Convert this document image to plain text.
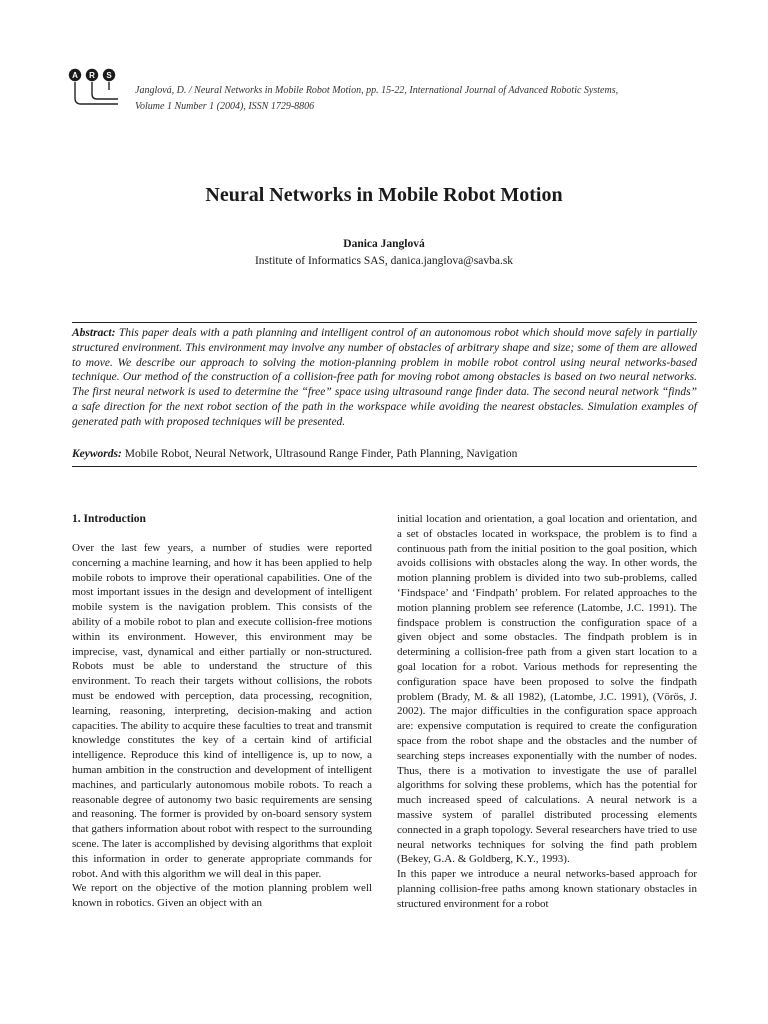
A R S
Janglová, D. / Neural Networks in Mobile Robot Motion, pp. 15-22, International Journal of Advanced Robotic Systems,
Volume 1 Number 1 (2004), ISSN 1729-8806
Neural Networks in Mobile Robot Motion
Danica Janglová
Institute of Informatics SAS, danica.janglova@savba.sk
Abstract: This paper deals with a path planning and intelligent control of an autonomous robot which should move safely in partially structured environment. This environment may involve any number of obstacles of arbitrary shape and size; some of them are allowed to move. We describe our approach to solving the motion-planning problem in mobile robot control using neural networks-based technique. Our method of the construction of a collision-free path for moving robot among obstacles is based on two neural networks. The first neural network is used to determine the “free” space using ultrasound range finder data. The second neural network “finds” a safe direction for the next robot section of the path in the workspace while avoiding the nearest obstacles. Simulation examples of generated path with proposed techniques will be presented.
Keywords: Mobile Robot, Neural Network, Ultrasound Range Finder, Path Planning, Navigation
1. Introduction

Over the last few years, a number of studies were reported concerning a machine learning, and how it has been applied to help mobile robots to improve their operational capabilities. One of the most important issues in the design and development of intelligent mobile system is the navigation problem. This consists of the ability of a mobile robot to plan and execute collision-free motions within its environment. However, this environment may be imprecise, vast, dynamical and either partially or non-structured. Robots must be able to understand the structure of this environment. To reach their targets without collisions, the robots must be endowed with perception, data processing, recognition, learning, reasoning, interpreting, decision-making and action capacities. The ability to acquire these faculties to treat and transmit knowledge constitutes the key of a certain kind of artificial intelligence. Reproduce this kind of intelligence is, up to now, a human ambition in the construction and development of intelligent machines, and particularly autonomous mobile robots. To reach a reasonable degree of autonomy two basic requirements are sensing and reasoning. The former is provided by on-board sensory system that gathers information about robot with respect to the surrounding scene. The later is accomplished by devising algorithms that exploit this information in order to generate appropriate commands for robot. And with this algorithm we will deal in this paper.

We report on the objective of the motion planning problem well known in robotics. Given an object with an

initial location and orientation, a goal location and orientation, and a set of obstacles located in workspace, the problem is to find a continuous path from the initial position to the goal position, which avoids collisions with obstacles along the way. In other words, the motion planning problem is divided into two sub-problems, called ‘Findspace’ and ‘Findpath’ problem. For related approaches to the motion planning problem see reference (Latombe, J.C. 1991). The findspace problem is construction the configuration space of a given object and some obstacles. The findpath problem is in determining a collision-free path from a given start location to a goal location for a robot. Various methods for representing the configuration space have been proposed to solve the findpath problem (Brady, M. & all 1982), (Latombe, J.C. 1991), (Vörös, J. 2002). The major difficulties in the configuration space approach are: expensive computation is required to create the configuration space from the robot shape and the obstacles and the number of searching steps increases exponentially with the number of nodes. Thus, there is a motivation to investigate the use of parallel algorithms for solving these problems, which has the potential for much increased speed of calculations. A neural network is a massive system of parallel distributed processing elements connected in a graph topology. Several researchers have tried to use neural networks techniques for solving the find path problem (Bekey, G.A. & Goldberg, K.Y., 1993).

In this paper we introduce a neural networks-based approach for planning collision-free paths among known stationary obstacles in structured environment for a robot
